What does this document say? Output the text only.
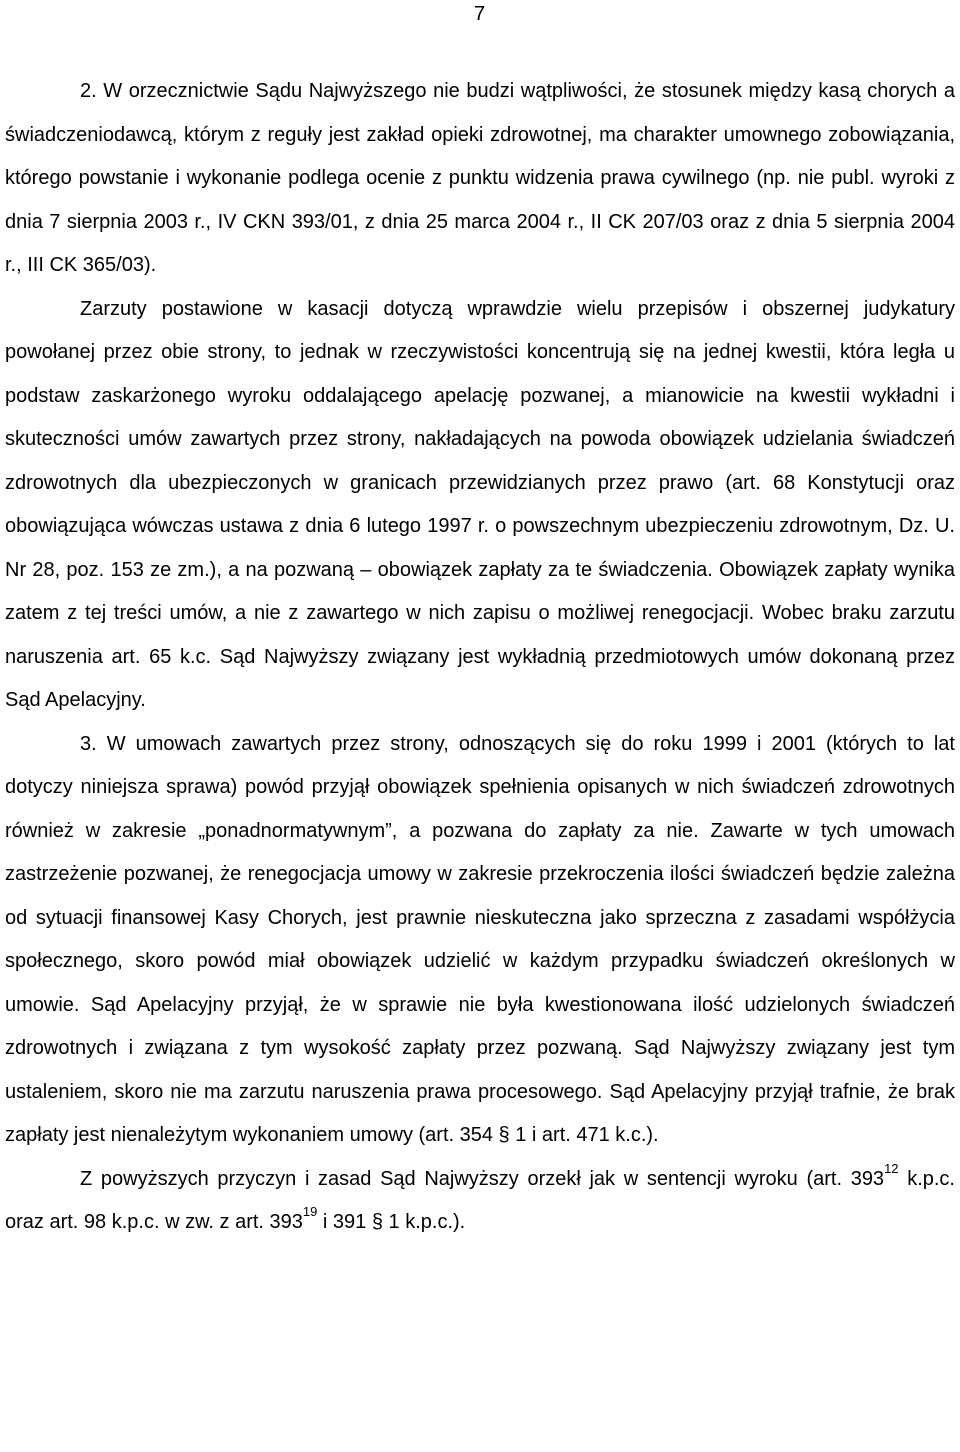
7

2. W orzecznictwie Sądu Najwyższego nie budzi wątpliwości, że stosunek między kasą chorych a świadczeniodawcą, którym z reguły jest zakład opieki zdrowotnej, ma charakter umownego zobowiązania, którego powstanie i wykonanie podlega ocenie z punktu widzenia prawa cywilnego (np. nie publ. wyroki z dnia 7 sierpnia 2003 r., IV CKN 393/01, z dnia 25 marca 2004 r., II CK 207/03 oraz z dnia 5 sierpnia 2004 r., III CK 365/03).

Zarzuty postawione w kasacji dotyczą wprawdzie wielu przepisów i obszernej judykatury powołanej przez obie strony, to jednak w rzeczywistości koncentrują się na jednej kwestii, która legła u podstaw zaskarżonego wyroku oddalającego apelację pozwanej, a mianowicie na kwestii wykładni i skuteczności umów zawartych przez strony, nakładających na powoda obowiązek udzielania świadczeń zdrowotnych dla ubezpieczonych w granicach przewidzianych przez prawo (art. 68 Konstytucji oraz obowiązująca wówczas ustawa z dnia 6 lutego 1997 r. o powszechnym ubezpieczeniu zdrowotnym, Dz. U. Nr 28, poz. 153 ze zm.), a na pozwaną – obowiązek zapłaty za te świadczenia. Obowiązek zapłaty wynika zatem z tej treści umów, a nie z zawartego w nich zapisu o możliwej renegocjacji. Wobec braku zarzutu naruszenia art. 65 k.c. Sąd Najwyższy związany jest wykładnią przedmiotowych umów dokonaną przez Sąd Apelacyjny.

3. W umowach zawartych przez strony, odnoszących się do roku 1999 i 2001 (których to lat dotyczy niniejsza sprawa) powód przyjął obowiązek spełnienia opisanych w nich świadczeń zdrowotnych również w zakresie „ponadnormatywnym”, a pozwana do zapłaty za nie. Zawarte w tych umowach zastrzeżenie pozwanej, że renegocjacja umowy w zakresie przekroczenia ilości świadczeń będzie zależna od sytuacji finansowej Kasy Chorych, jest prawnie nieskuteczna jako sprzeczna z zasadami współżycia społecznego, skoro powód miał obowiązek udzielić w każdym przypadku świadczeń określonych w umowie. Sąd Apelacyjny przyjął, że w sprawie nie była kwestionowana ilość udzielonych świadczeń zdrowotnych i związana z tym wysokość zapłaty przez pozwaną. Sąd Najwyższy związany jest tym ustaleniem, skoro nie ma zarzutu naruszenia prawa procesowego. Sąd Apelacyjny przyjął trafnie, że brak zapłaty jest nienależytym wykonaniem umowy (art. 354 § 1 i art. 471 k.c.).

Z powyższych przyczyn i zasad Sąd Najwyższy orzekł jak w sentencji wyroku (art. $393^{12}$ k.p.c. oraz art. 98 k.p.c. w zw. z art. $393^{19}$ i 391 § 1 k.p.c.).
